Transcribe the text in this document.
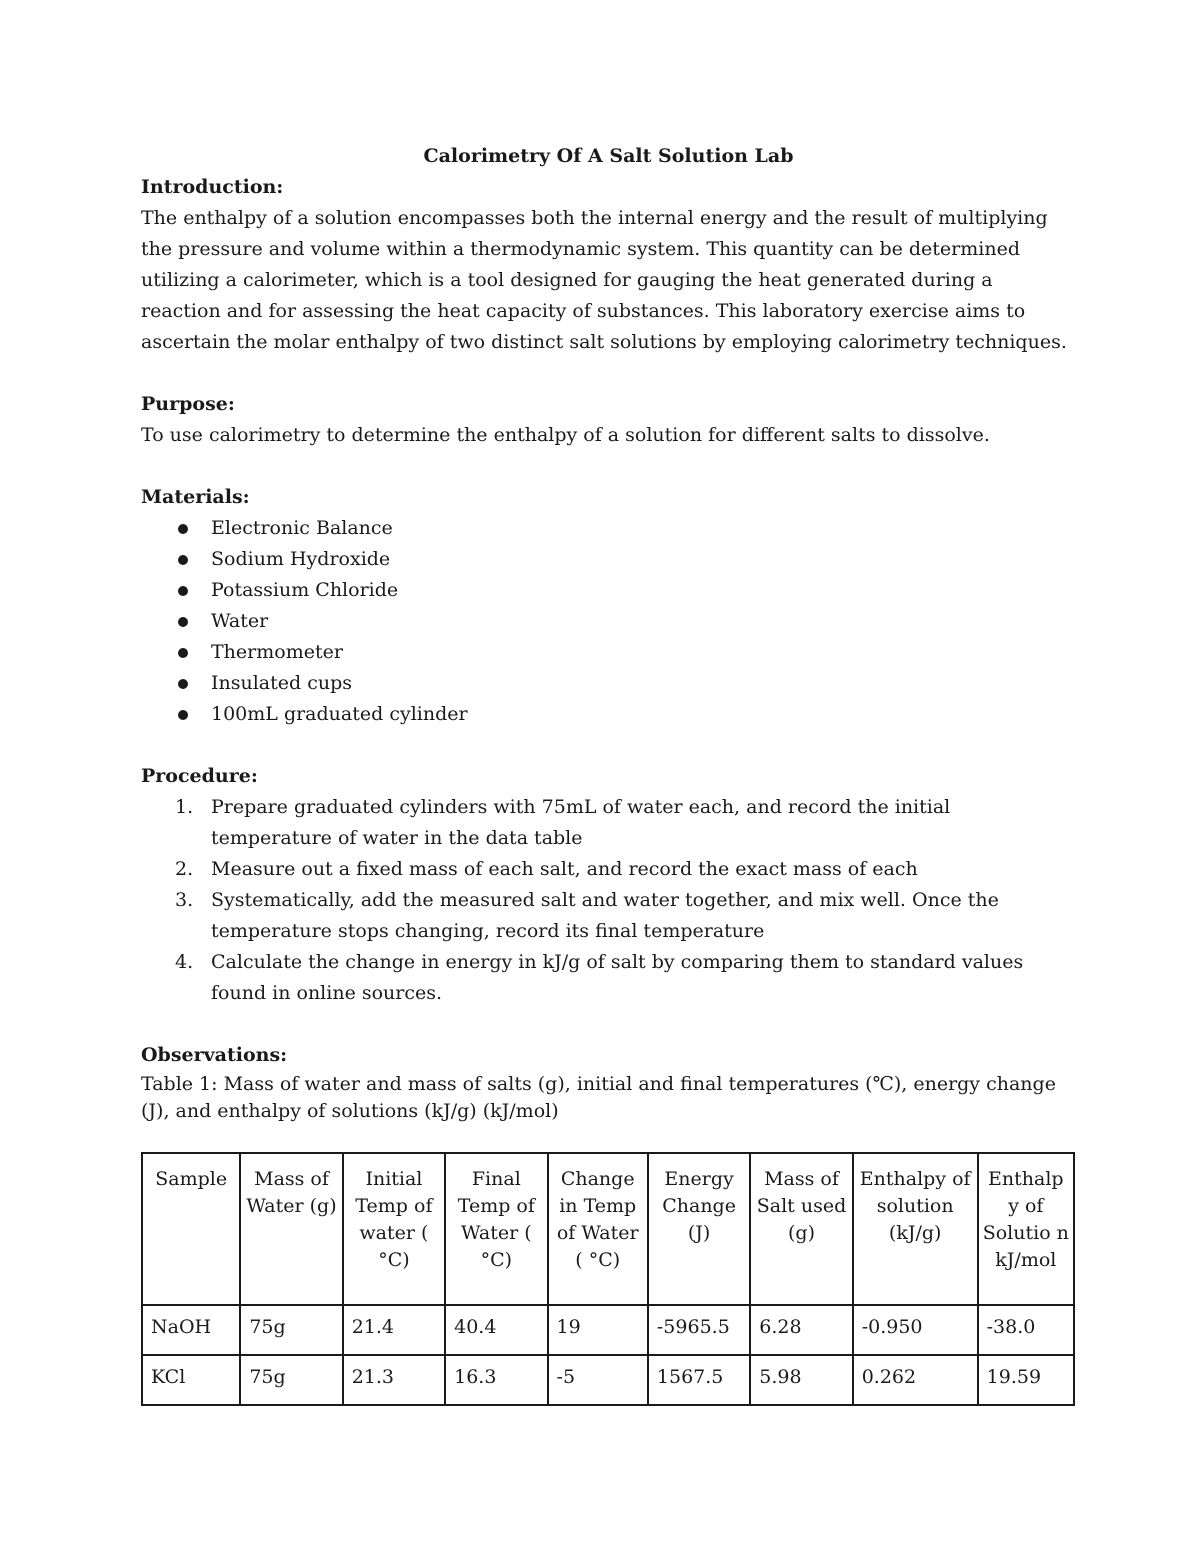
Calorimetry Of A Salt Solution Lab

Introduction:

The enthalpy of a solution encompasses both the internal energy and the result of multiplying the pressure and volume within a thermodynamic system. This quantity can be determined utilizing a calorimeter, which is a tool designed for gauging the heat generated during a reaction and for assessing the heat capacity of substances. This laboratory exercise aims to ascertain the molar enthalpy of two distinct salt solutions by employing calorimetry techniques.

Purpose:

To use calorimetry to determine the enthalpy of a solution for different salts to dissolve.

Materials:

Electronic Balance
Sodium Hydroxide
Potassium Chloride
Water
Thermometer
Insulated cups
100mL graduated cylinder

Procedure:

1. Prepare graduated cylinders with 75mL of water each, and record the initial temperature of water in the data table
2. Measure out a fixed mass of each salt, and record the exact mass of each
3. Systematically, add the measured salt and water together, and mix well. Once the temperature stops changing, record its final temperature
4. Calculate the change in energy in kJ/g of salt by comparing them to standard values found in online sources.

Observations:

Table 1: Mass of water and mass of salts (g), initial and final temperatures (℃), energy change (J), and enthalpy of solutions (kJ/g) (kJ/mol)

Sample	Mass of Water (g)	Initial Temp of water ( °C)	Final Temp of Water ( °C)	Change in Temp of Water ( °C)	Energy Change (J)	Mass of Salt used (g)	Enthalpy of solution (kJ/g)	Enthalp y of Solutio n kJ/mol
NaOH	75g	21.4	40.4	19	-5965.5	6.28	-0.950	-38.0
KCl	75g	21.3	16.3	-5	1567.5	5.98	0.262	19.59
